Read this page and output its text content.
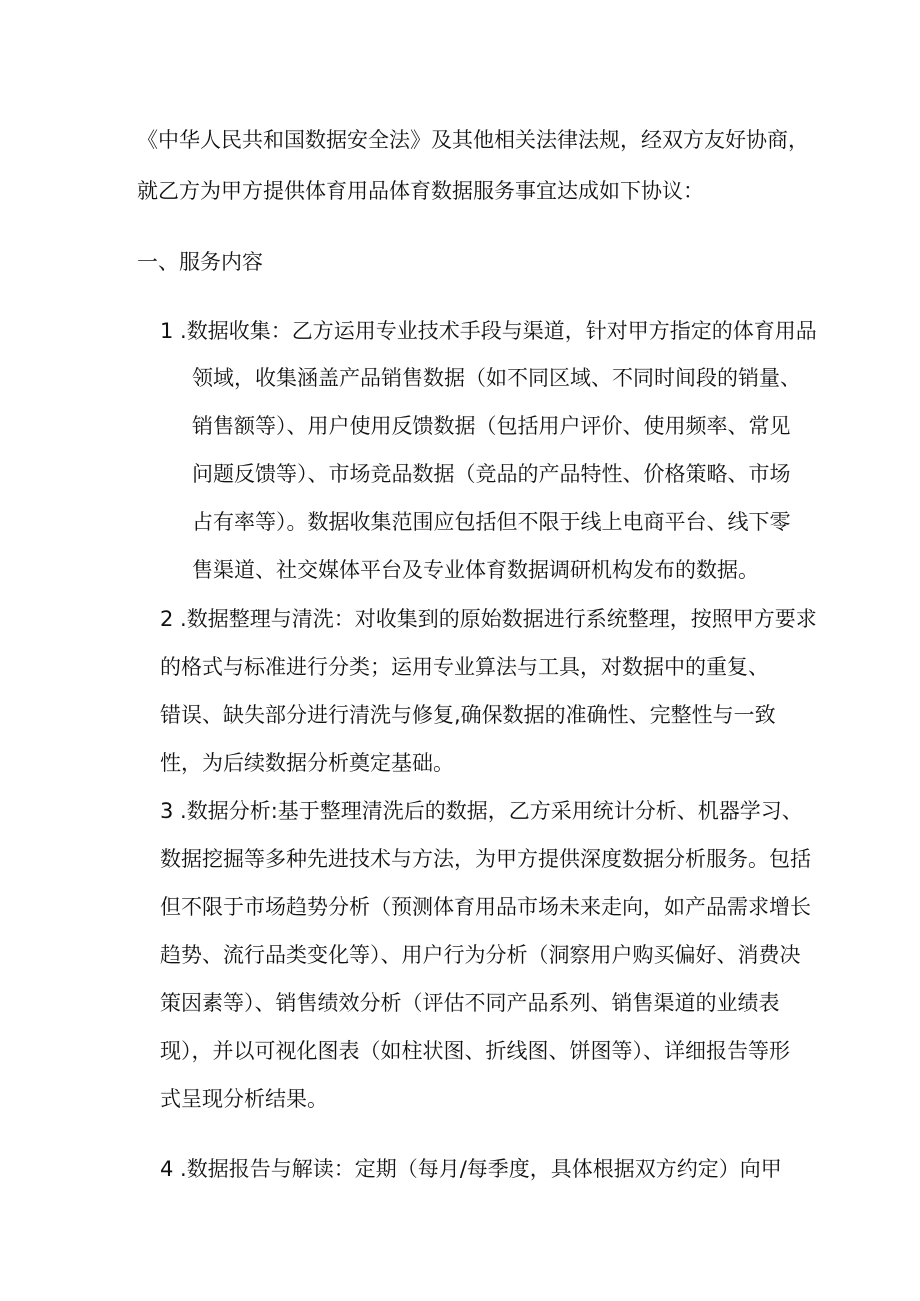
《中华人民共和国数据安全法》及其他相关法律法规，经双方友好协商，
就乙方为甲方提供体育用品体育数据服务事宜达成如下协议：
一、服务内容
1 .数据收集：乙方运用专业技术手段与渠道，针对甲方指定的体育用品
领域，收集涵盖产品销售数据（如不同区域、不同时间段的销量、
销售额等）、用户使用反馈数据（包括用户评价、使用频率、常见
问题反馈等）、市场竞品数据（竞品的产品特性、价格策略、市场
占有率等）。数据收集范围应包括但不限于线上电商平台、线下零
售渠道、社交媒体平台及专业体育数据调研机构发布的数据。
2 .数据整理与清洗：对收集到的原始数据进行系统整理，按照甲方要求
的格式与标准进行分类；运用专业算法与工具，对数据中的重复、
错误、缺失部分进行清洗与修复,确保数据的准确性、完整性与一致
性，为后续数据分析奠定基础。
3 .数据分析:基于整理清洗后的数据，乙方采用统计分析、机器学习、
数据挖掘等多种先进技术与方法，为甲方提供深度数据分析服务。包括
但不限于市场趋势分析（预测体育用品市场未来走向，如产品需求增长
趋势、流行品类变化等）、用户行为分析（洞察用户购买偏好、消费决
策因素等）、销售绩效分析（评估不同产品系列、销售渠道的业绩表
现），并以可视化图表（如柱状图、折线图、饼图等）、详细报告等形
式呈现分析结果。
4 .数据报告与解读：定期（每月/每季度，具体根据双方约定）向甲
